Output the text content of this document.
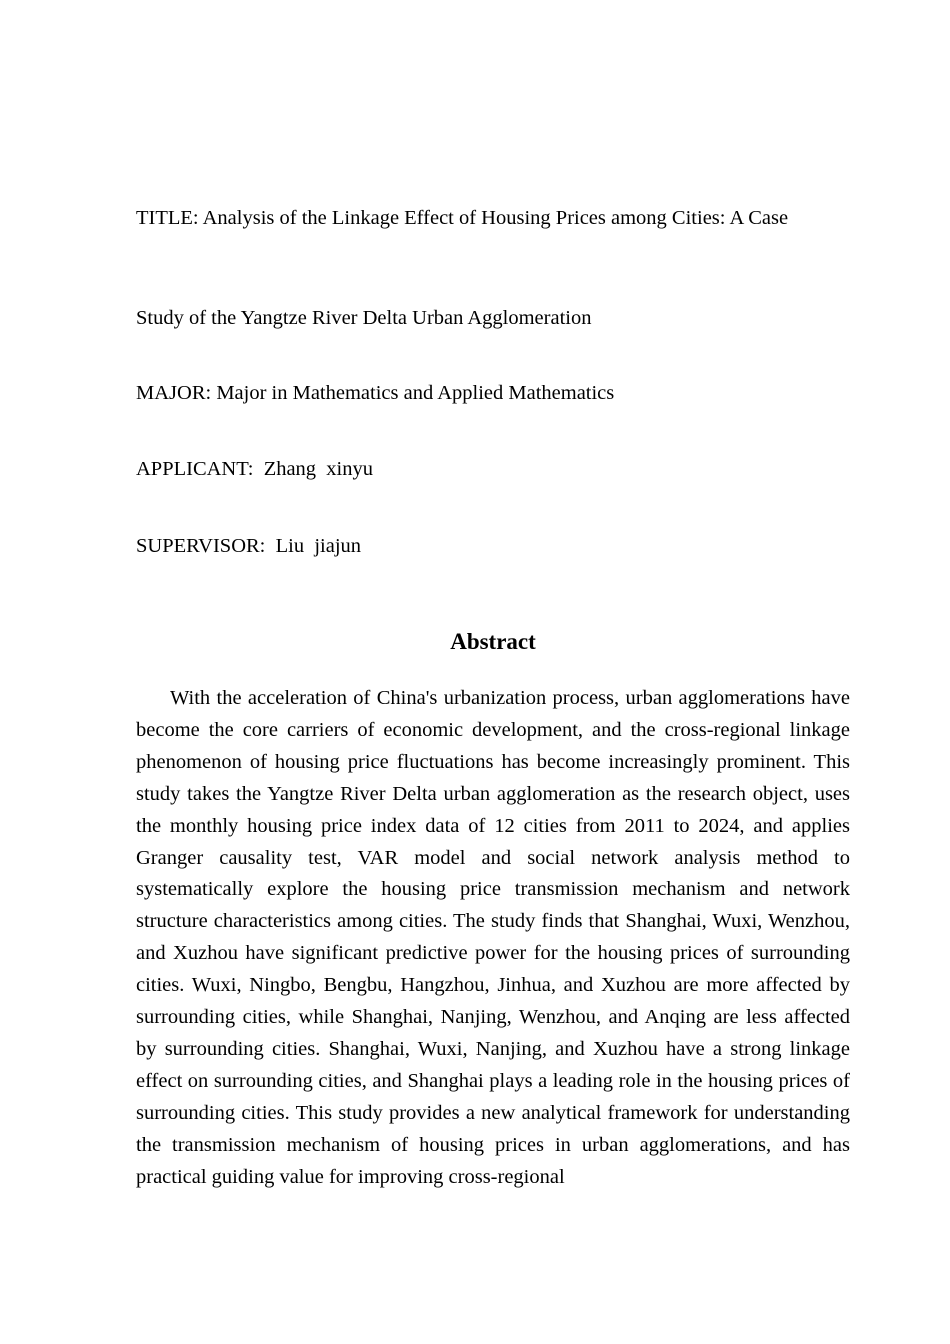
TITLE: Analysis of the Linkage Effect of Housing Prices among Cities: A Case

Study of the Yangtze River Delta Urban Agglomeration

MAJOR: Major in Mathematics and Applied Mathematics

APPLICANT: Zhang  xinyu

SUPERVISOR: Liu  jiajun

Abstract

With the acceleration of China's urbanization process, urban agglomerations have become the core carriers of economic development, and the cross-regional linkage phenomenon of housing price fluctuations has become increasingly prominent. This study takes the Yangtze River Delta urban agglomeration as the research object, uses the monthly housing price index data of 12 cities from 2011 to 2024, and applies Granger causality test, VAR model and social network analysis method to systematically explore the housing price transmission mechanism and network structure characteristics among cities. The study finds that Shanghai, Wuxi, Wenzhou, and Xuzhou have significant predictive power for the housing prices of surrounding cities. Wuxi, Ningbo, Bengbu, Hangzhou, Jinhua, and Xuzhou are more affected by surrounding cities, while Shanghai, Nanjing, Wenzhou, and Anqing are less affected by surrounding cities. Shanghai, Wuxi, Nanjing, and Xuzhou have a strong linkage effect on surrounding cities, and Shanghai plays a leading role in the housing prices of surrounding cities. This study provides a new analytical framework for understanding the transmission mechanism of housing prices in urban agglomerations, and has practical guiding value for improving cross-regional
